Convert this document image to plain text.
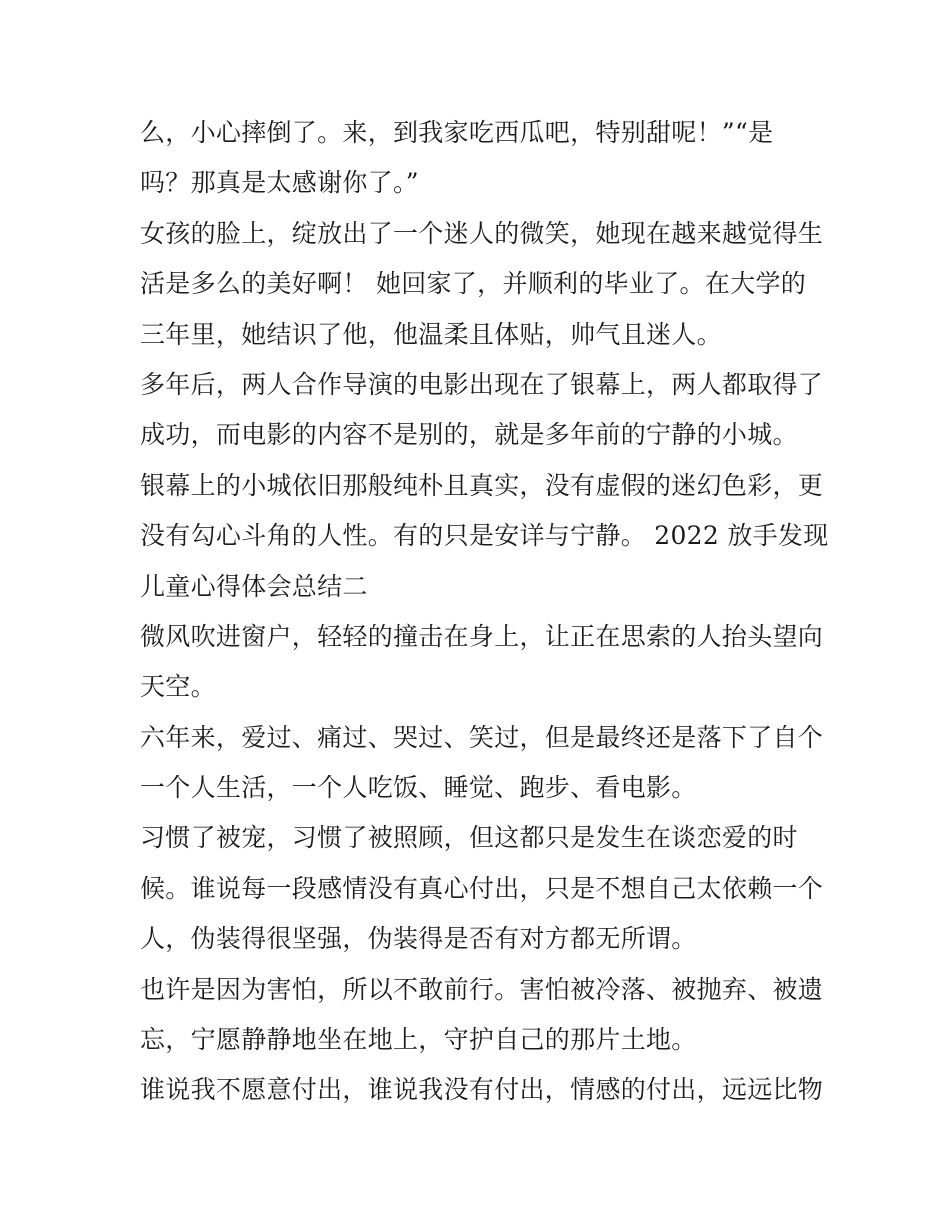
么，小心摔倒了。来，到我家吃西瓜吧，特别甜呢！”“是
吗？那真是太感谢你了。”
女孩的脸上，绽放出了一个迷人的微笑，她现在越来越觉得生
活是多么的美好啊！ 她回家了，并顺利的毕业了。在大学的
三年里，她结识了他，他温柔且体贴，帅气且迷人。
多年后，两人合作导演的电影出现在了银幕上，两人都取得了
成功，而电影的内容不是别的，就是多年前的宁静的小城。
银幕上的小城依旧那般纯朴且真实，没有虚假的迷幻色彩，更
没有勾心斗角的人性。有的只是安详与宁静。 2022 放手发现
儿童心得体会总结二
微风吹进窗户，轻轻的撞击在身上，让正在思索的人抬头望向
天空。
六年来，爱过、痛过、哭过、笑过，但是最终还是落下了自个
一个人生活，一个人吃饭、睡觉、跑步、看电影。
习惯了被宠，习惯了被照顾，但这都只是发生在谈恋爱的时
候。谁说每一段感情没有真心付出，只是不想自己太依赖一个
人，伪装得很坚强，伪装得是否有对方都无所谓。
也许是因为害怕，所以不敢前行。害怕被冷落、被抛弃、被遗
忘，宁愿静静地坐在地上，守护自己的那片土地。
谁说我不愿意付出，谁说我没有付出，情感的付出，远远比物
